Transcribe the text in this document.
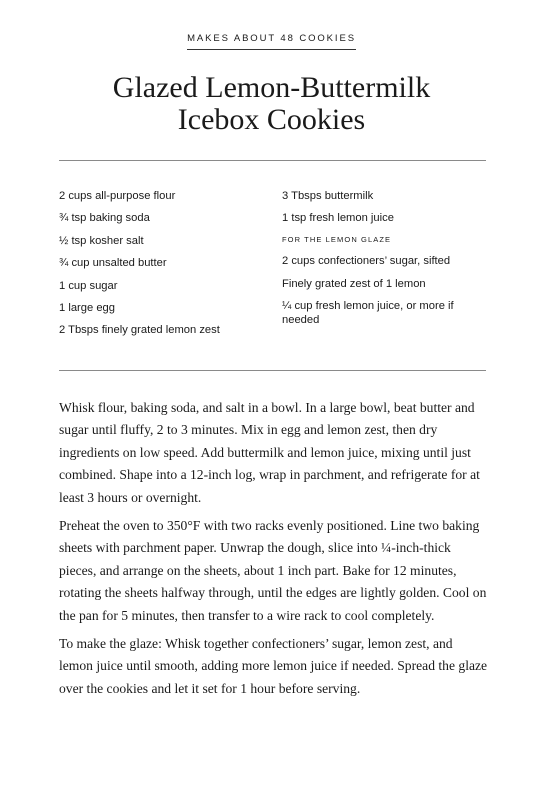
MAKES ABOUT 48 COOKIES
Glazed Lemon-Buttermilk
Icebox Cookies
2 cups all-purpose flour
¾ tsp baking soda
½ tsp kosher salt
¾ cup unsalted butter
1 cup sugar
1 large egg
2 Tbsps finely grated lemon zest
3 Tbsps buttermilk
1 tsp fresh lemon juice
FOR THE LEMON GLAZE
2 cups confectioners’ sugar, sifted
Finely grated zest of 1 lemon
¼ cup fresh lemon juice, or more if needed

Whisk flour, baking soda, and salt in a bowl. In a large bowl, beat butter and sugar until fluffy, 2 to 3 minutes. Mix in egg and lemon zest, then dry ingredients on low speed. Add buttermilk and lemon juice, mixing until just combined. Shape into a 12-inch log, wrap in parchment, and refrigerate for at least 3 hours or overnight.

Preheat the oven to 350°F with two racks evenly positioned. Line two baking sheets with parchment paper. Unwrap the dough, slice into ¼-inch-thick pieces, and arrange on the sheets, about 1 inch part. Bake for 12 minutes, rotating the sheets halfway through, until the edges are lightly golden. Cool on the pan for 5 minutes, then transfer to a wire rack to cool completely.

To make the glaze: Whisk together confectioners’ sugar, lemon zest, and lemon juice until smooth, adding more lemon juice if needed. Spread the glaze over the cookies and let it set for 1 hour before serving.
